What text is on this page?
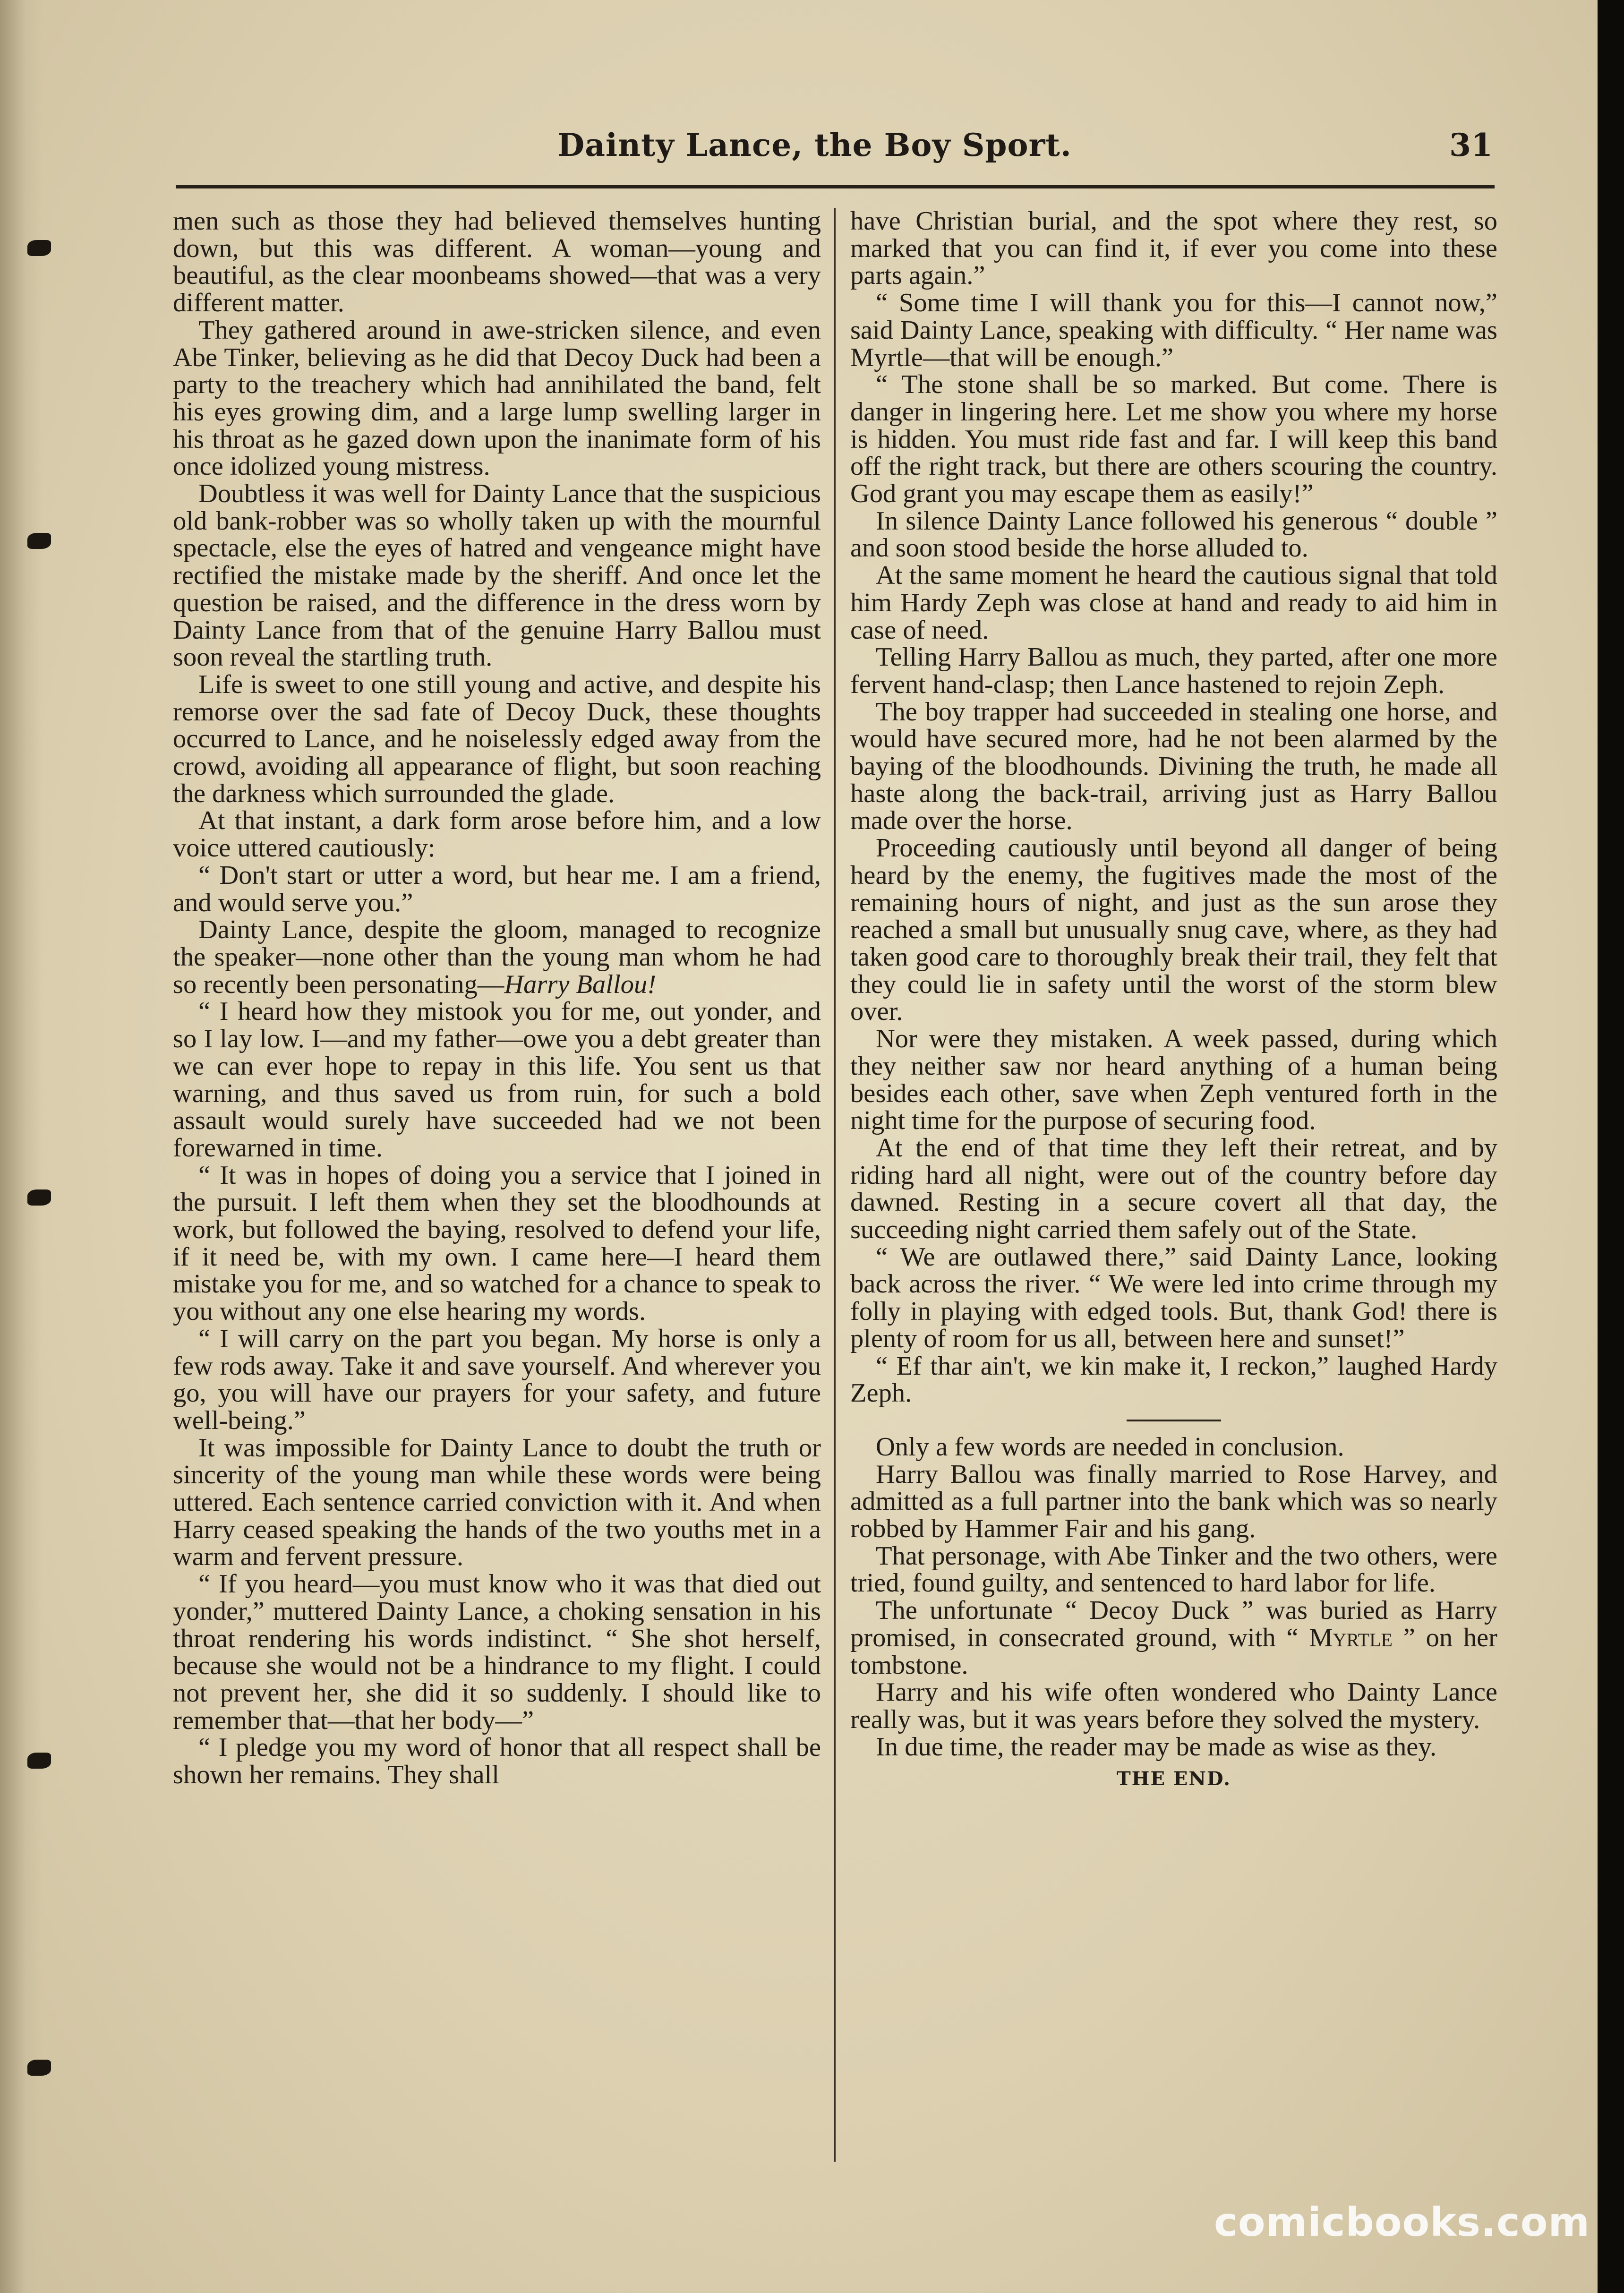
Dainty Lance, the Boy Sport.	31

men such as those they had believed themselves hunting down, but this was different. A woman—young and beautiful, as the clear moonbeams showed—that was a very different matter.

They gathered around in awe-stricken silence, and even Abe Tinker, believing as he did that Decoy Duck had been a party to the treachery which had annihilated the band, felt his eyes growing dim, and a large lump swelling larger in his throat as he gazed down upon the inanimate form of his once idolized young mistress.

Doubtless it was well for Dainty Lance that the suspicious old bank-robber was so wholly taken up with the mournful spectacle, else the eyes of hatred and vengeance might have rectified the mistake made by the sheriff. And once let the question be raised, and the difference in the dress worn by Dainty Lance from that of the genuine Harry Ballou must soon reveal the startling truth.

Life is sweet to one still young and active, and despite his remorse over the sad fate of Decoy Duck, these thoughts occurred to Lance, and he noiselessly edged away from the crowd, avoiding all appearance of flight, but soon reaching the darkness which surrounded the glade.

At that instant, a dark form arose before him, and a low voice uttered cautiously:

“ Don't start or utter a word, but hear me. I am a friend, and would serve you.”

Dainty Lance, despite the gloom, managed to recognize the speaker—none other than the young man whom he had so recently been personating—Harry Ballou!

“ I heard how they mistook you for me, out yonder, and so I lay low. I—and my father—owe you a debt greater than we can ever hope to repay in this life. You sent us that warning, and thus saved us from ruin, for such a bold assault would surely have succeeded had we not been forewarned in time.

“ It was in hopes of doing you a service that I joined in the pursuit. I left them when they set the bloodhounds at work, but followed the baying, resolved to defend your life, if it need be, with my own. I came here—I heard them mistake you for me, and so watched for a chance to speak to you without any one else hearing my words.

“ I will carry on the part you began. My horse is only a few rods away. Take it and save yourself. And wherever you go, you will have our prayers for your safety, and future well-being.”

It was impossible for Dainty Lance to doubt the truth or sincerity of the young man while these words were being uttered. Each sentence carried conviction with it. And when Harry ceased speaking the hands of the two youths met in a warm and fervent pressure.

“ If you heard—you must know who it was that died out yonder,” muttered Dainty Lance, a choking sensation in his throat rendering his words indistinct. “ She shot herself, because she would not be a hindrance to my flight. I could not prevent her, she did it so suddenly. I should like to remember that—that her body—”

“ I pledge you my word of honor that all respect shall be shown her remains. They shall

have Christian burial, and the spot where they rest, so marked that you can find it, if ever you come into these parts again.”

“ Some time I will thank you for this—I cannot now,” said Dainty Lance, speaking with difficulty. “ Her name was Myrtle—that will be enough.”

“ The stone shall be so marked. But come. There is danger in lingering here. Let me show you where my horse is hidden. You must ride fast and far. I will keep this band off the right track, but there are others scouring the country. God grant you may escape them as easily!”

In silence Dainty Lance followed his generous “ double ” and soon stood beside the horse alluded to.

At the same moment he heard the cautious signal that told him Hardy Zeph was close at hand and ready to aid him in case of need.

Telling Harry Ballou as much, they parted, after one more fervent hand-clasp; then Lance hastened to rejoin Zeph.

The boy trapper had succeeded in stealing one horse, and would have secured more, had he not been alarmed by the baying of the bloodhounds. Divining the truth, he made all haste along the back-trail, arriving just as Harry Ballou made over the horse.

Proceeding cautiously until beyond all danger of being heard by the enemy, the fugitives made the most of the remaining hours of night, and just as the sun arose they reached a small but unusually snug cave, where, as they had taken good care to thoroughly break their trail, they felt that they could lie in safety until the worst of the storm blew over.

Nor were they mistaken. A week passed, during which they neither saw nor heard anything of a human being besides each other, save when Zeph ventured forth in the night time for the purpose of securing food.

At the end of that time they left their retreat, and by riding hard all night, were out of the country before day dawned. Resting in a secure covert all that day, the succeeding night carried them safely out of the State.

“ We are outlawed there,” said Dainty Lance, looking back across the river. “ We were led into crime through my folly in playing with edged tools. But, thank God! there is plenty of room for us all, between here and sunset!”

“ Ef thar ain't, we kin make it, I reckon,” laughed Hardy Zeph.

Only a few words are needed in conclusion.

Harry Ballou was finally married to Rose Harvey, and admitted as a full partner into the bank which was so nearly robbed by Hammer Fair and his gang.

That personage, with Abe Tinker and the two others, were tried, found guilty, and sentenced to hard labor for life.

The unfortunate “ Decoy Duck ” was buried as Harry promised, in consecrated ground, with “ Myrtle ” on her tombstone.

Harry and his wife often wondered who Dainty Lance really was, but it was years before they solved the mystery.

In due time, the reader may be made as wise as they.

THE END.

comicbooks.com
